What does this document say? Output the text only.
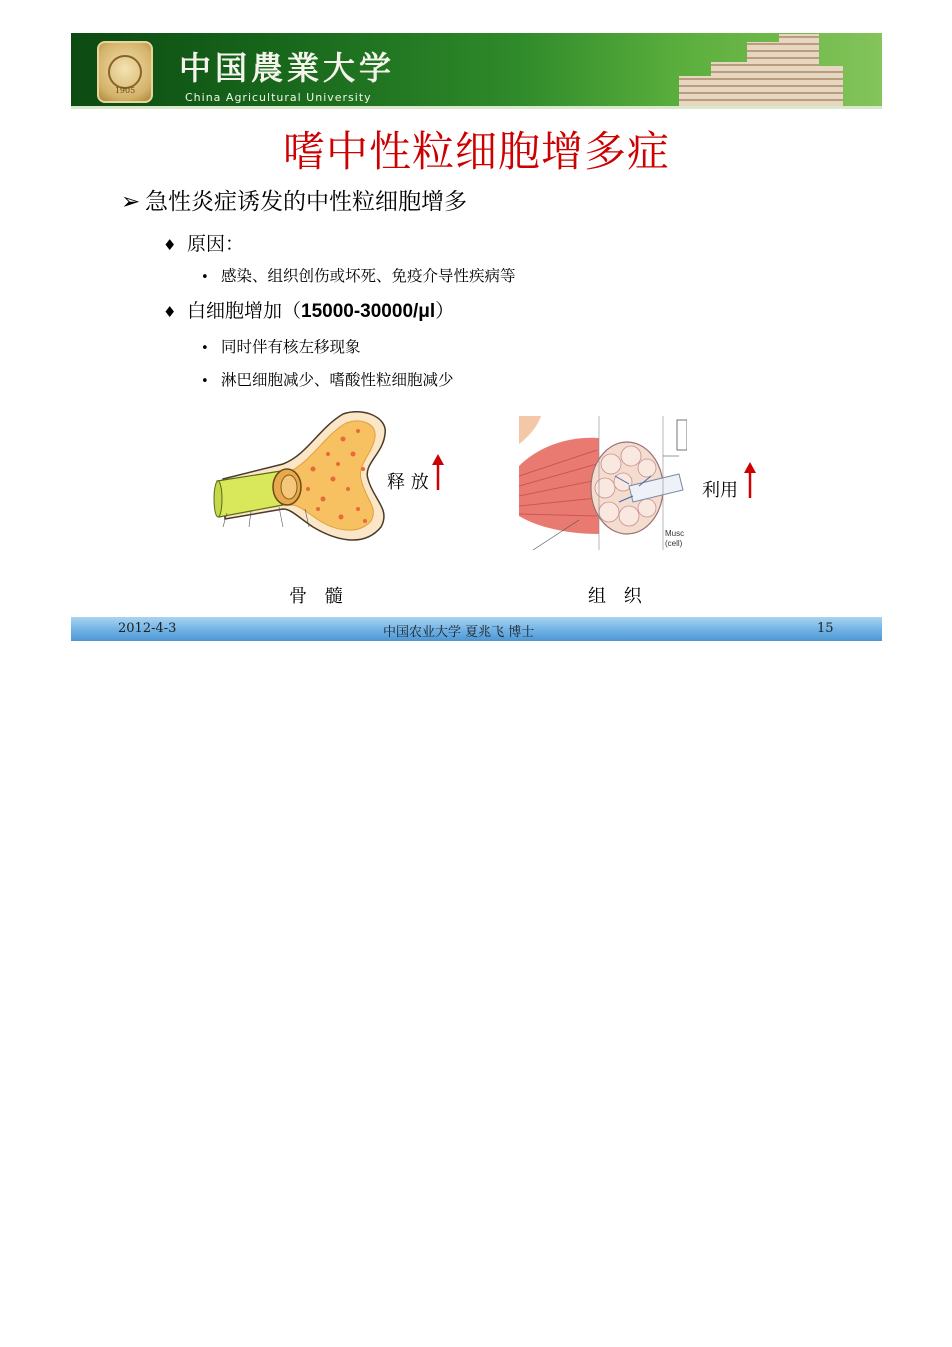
1905
中国農業大学
China Agricultural University
嗜中性粒细胞增多症
➢ 急性炎症诱发的中性粒细胞增多
♦ 原因：
• 感染、组织创伤或坏死、免疫介导性疾病等
♦ 白细胞增加（15000-30000/μl）
• 同时伴有核左移现象
• 淋巴细胞减少、嗜酸性粒细胞减少
释 放
Musc
(cell)
利用
骨 髓	组 织
2012-4-3	中国农业大学 夏兆飞 博士	15
